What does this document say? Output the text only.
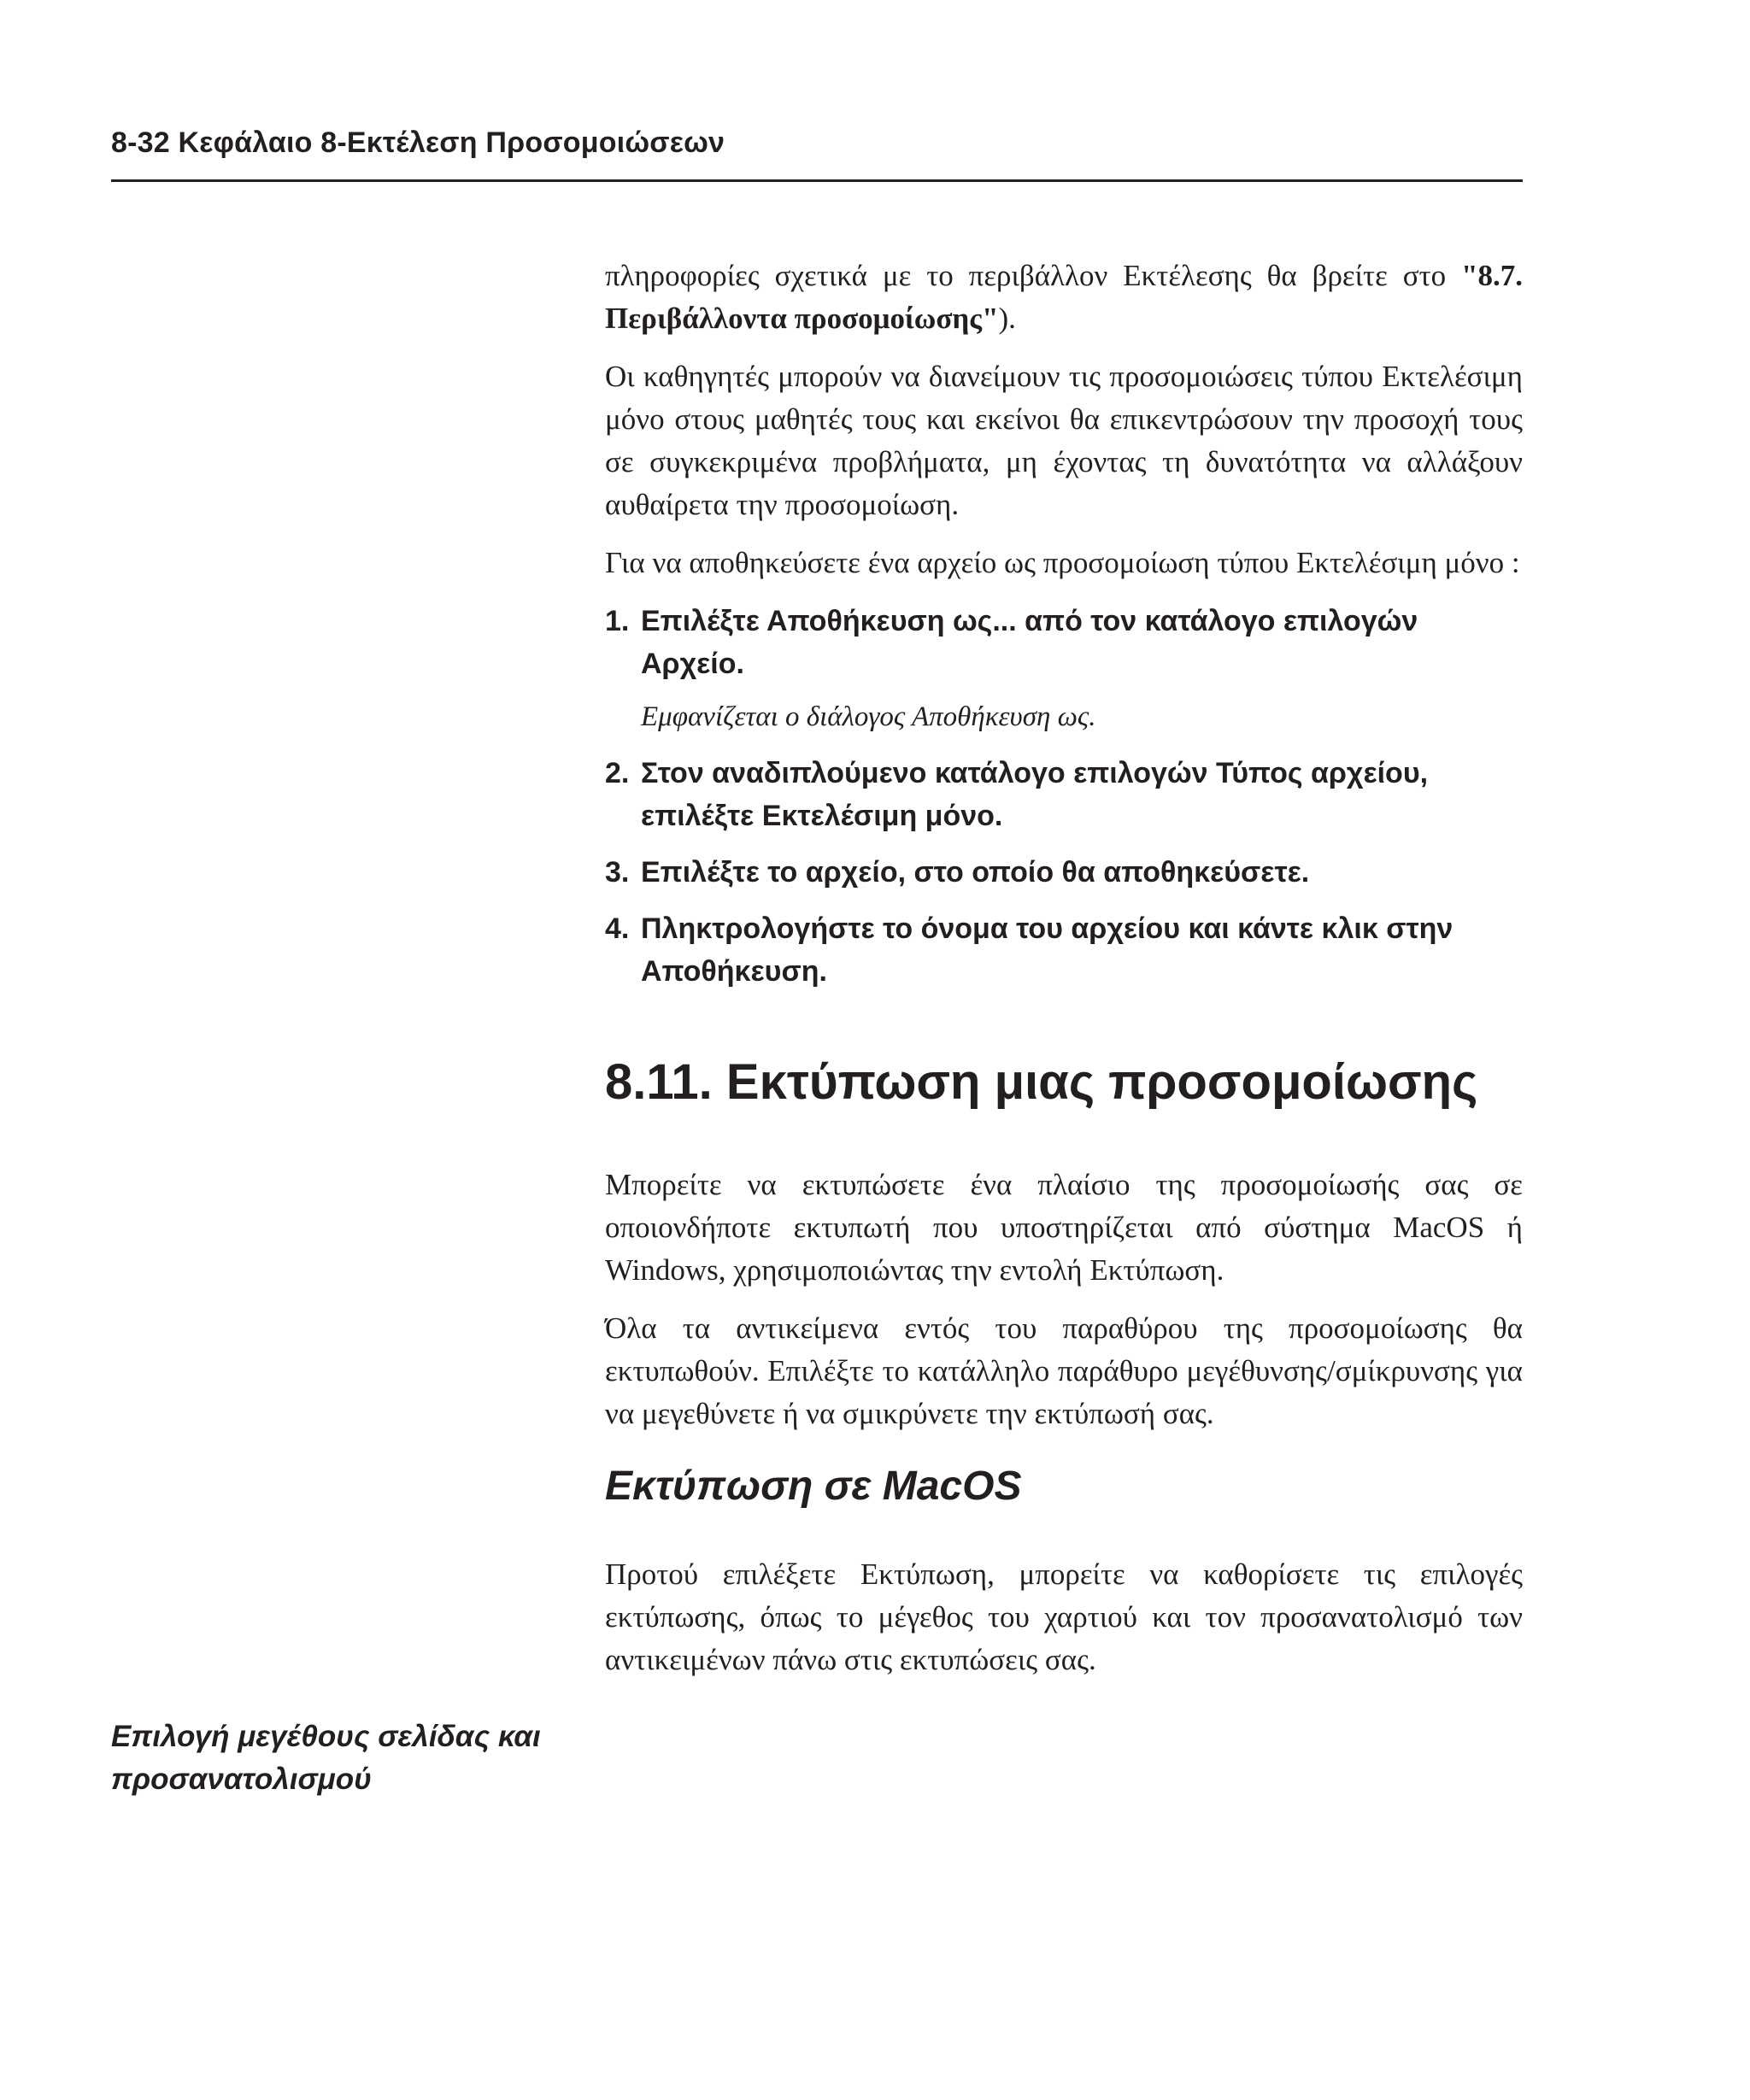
8-32 Κεφάλαιο 8-Εκτέλεση Προσομοιώσεων

πληροφορίες σχετικά με το περιβάλλον Εκτέλεσης θα βρείτε στο "8.7. Περιβάλλοντα προσομοίωσης").

Οι καθηγητές μπορούν να διανείμουν τις προσομοιώσεις τύπου Εκτελέσιμη μόνο στους μαθητές τους και εκείνοι θα επικεντρώσουν την προσοχή τους σε συγκεκριμένα προβλήματα, μη έχοντας τη δυνατότητα να αλλάξουν αυθαίρετα την προσομοίωση.

Για να αποθηκεύσετε ένα αρχείο ως προσομοίωση τύπου Εκτελέσιμη μόνο :

1. Επιλέξτε Αποθήκευση ως... από τον κατάλογο επιλογών Αρχείο.
Εμφανίζεται ο διάλογος Αποθήκευση ως.
2. Στον αναδιπλούμενο κατάλογο επιλογών Τύπος αρχείου, επιλέξτε Εκτελέσιμη μόνο.
3. Επιλέξτε το αρχείο, στο οποίο θα αποθηκεύσετε.
4. Πληκτρολογήστε το όνομα του αρχείου και κάντε κλικ στην Αποθήκευση.
8.11. Εκτύπωση μιας προσομοίωσης

Μπορείτε να εκτυπώσετε ένα πλαίσιο της προσομοίωσής σας σε οποιονδήποτε εκτυπωτή που υποστηρίζεται από σύστημα MacOS ή Windows, χρησιμοποιώντας την εντολή Εκτύπωση.

Όλα τα αντικείμενα εντός του παραθύρου της προσομοίωσης θα εκτυπωθούν. Επιλέξτε το κατάλληλο παράθυρο μεγέθυνσης/σμίκρυνσης για να μεγεθύνετε ή να σμικρύνετε την εκτύπωσή σας.

Εκτύπωση σε MacOS

Προτού επιλέξετε Εκτύπωση, μπορείτε να καθορίσετε τις επιλογές εκτύπωσης, όπως το μέγεθος του χαρτιού και τον προσανατολισμό των αντικειμένων πάνω στις εκτυπώσεις σας.

Επιλογή μεγέθους σελίδας και προσανατολισμού
